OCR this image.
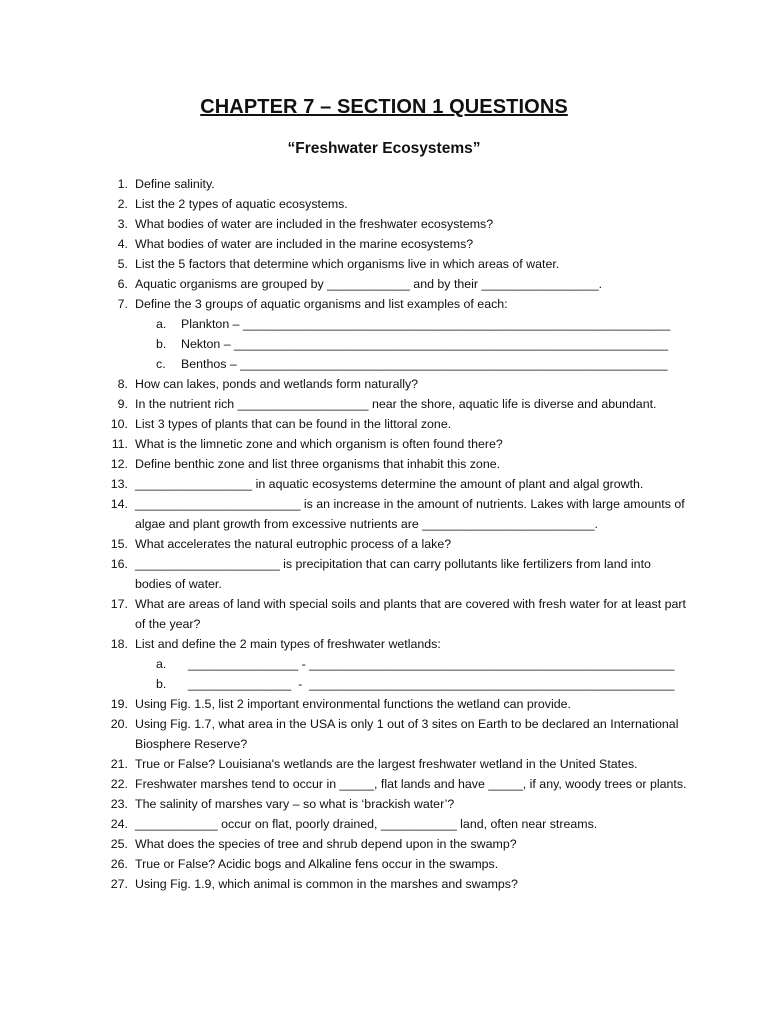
CHAPTER 7 – SECTION 1 QUESTIONS
“Freshwater Ecosystems”
1. Define salinity.
2. List the 2 types of aquatic ecosystems.
3. What bodies of water are included in the freshwater ecosystems?
4. What bodies of water are included in the marine ecosystems?
5. List the 5 factors that determine which organisms live in which areas of water.
6. Aquatic organisms are grouped by ____________ and by their _________________.
7. Define the 3 groups of aquatic organisms and list examples of each:
a. Plankton – ______________________________________________________________
b. Nekton – _______________________________________________________________
c. Benthos – ______________________________________________________________
8. How can lakes, ponds and wetlands form naturally?
9. In the nutrient rich ___________________ near the shore, aquatic life is diverse and abundant.
10. List 3 types of plants that can be found in the littoral zone.
11. What is the limnetic zone and which organism is often found there?
12. Define benthic zone and list three organisms that inhabit this zone.
13. _________________ in aquatic ecosystems determine the amount of plant and algal growth.
14. ________________________ is an increase in the amount of nutrients. Lakes with large amounts of algae and plant growth from excessive nutrients are _________________________.
15. What accelerates the natural eutrophic process of a lake?
16. _____________________ is precipitation that can carry pollutants like fertilizers from land into bodies of water.
17. What are areas of land with special soils and plants that are covered with fresh water for at least part of the year?
18. List and define the 2 main types of freshwater wetlands:
a. ________________ - _____________________________________________________
b. _______________  -  _____________________________________________________
19. Using Fig. 1.5, list 2 important environmental functions the wetland can provide.
20. Using Fig. 1.7, what area in the USA is only 1 out of 3 sites on Earth to be declared an International Biosphere Reserve?
21. True or False? Louisiana's wetlands are the largest freshwater wetland in the United States.
22. Freshwater marshes tend to occur in _____, flat lands and have _____, if any, woody trees or plants.
23. The salinity of marshes vary – so what is ‘brackish water’?
24. ____________ occur on flat, poorly drained, ___________ land, often near streams.
25. What does the species of tree and shrub depend upon in the swamp?
26. True or False? Acidic bogs and Alkaline fens occur in the swamps.
27. Using Fig. 1.9, which animal is common in the marshes and swamps?
